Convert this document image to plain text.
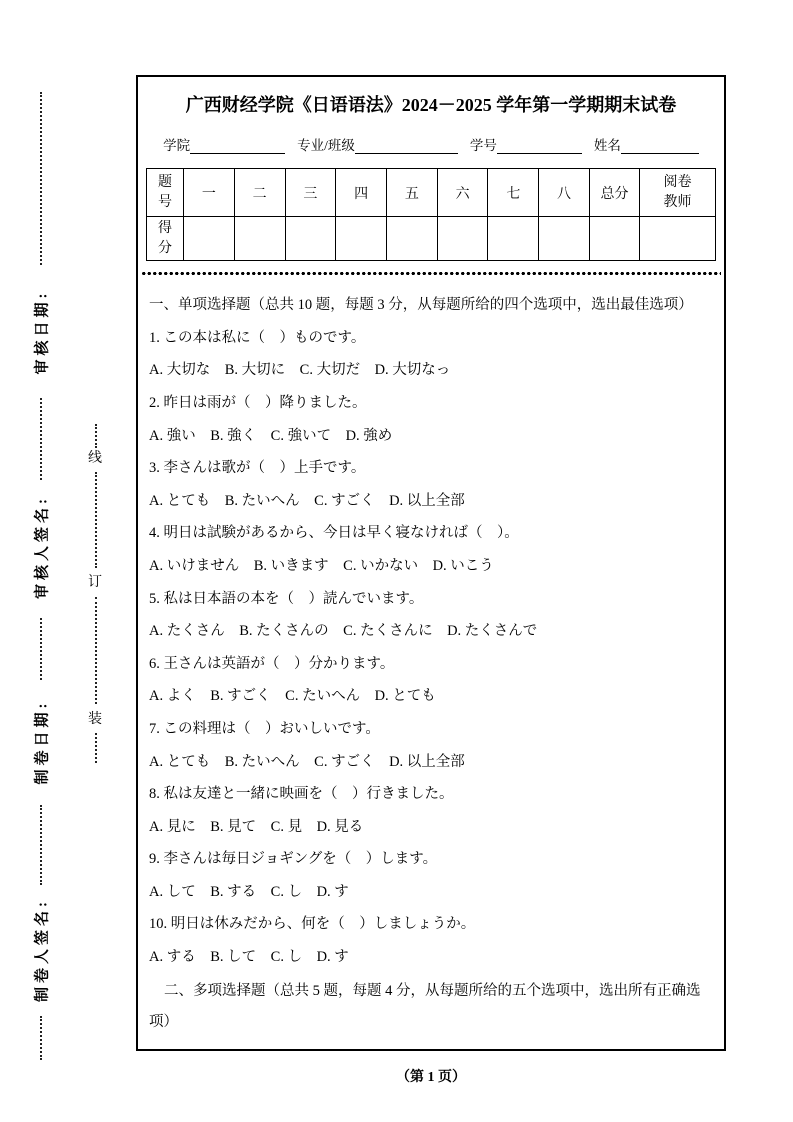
审核日期:
审核人签名:
制卷日期:
制卷人签名:
线
订
装
广西财经学院《日语语法》2024－2025 学年第一学期期末试卷
学院	专业/班级	学号	姓名
题号	一	二	三	四	五	六	七	八	总分	阅卷教师
得分										

一、单项选择题（总共 10 题，每题 3 分，从每题所给的四个选项中，选出最佳选项）

1. この本は私に（　）ものです。

A. 大切な    B. 大切に    C. 大切だ    D. 大切なっ

2. 昨日は雨が（　）降りました。

A. 強い    B. 強く    C. 強いて    D. 強め

3. 李さんは歌が（　）上手です。

A. とても    B. たいへん    C. すごく    D. 以上全部

4. 明日は試験があるから、今日は早く寝なければ（　）。

A. いけません    B. いきます    C. いかない    D. いこう

5. 私は日本語の本を（　）読んでいます。

A. たくさん    B. たくさんの    C. たくさんに    D. たくさんで

6. 王さんは英語が（　）分かります。

A. よく    B. すごく    C. たいへん    D. とても

7. この料理は（　）おいしいです。

A. とても    B. たいへん    C. すごく    D. 以上全部

8. 私は友達と一緒に映画を（　）行きました。

A. 見に    B. 見て    C. 見    D. 見る

9. 李さんは毎日ジョギングを（　）します。

A. して    B. する    C. し    D. す

10. 明日は休みだから、何を（　）しましょうか。

A. する    B. して    C. し    D. す

二、多项选择题（总共 5 题，每题 4 分，从每题所给的五个选项中，选出所有正确选项）

（第 1 页）
